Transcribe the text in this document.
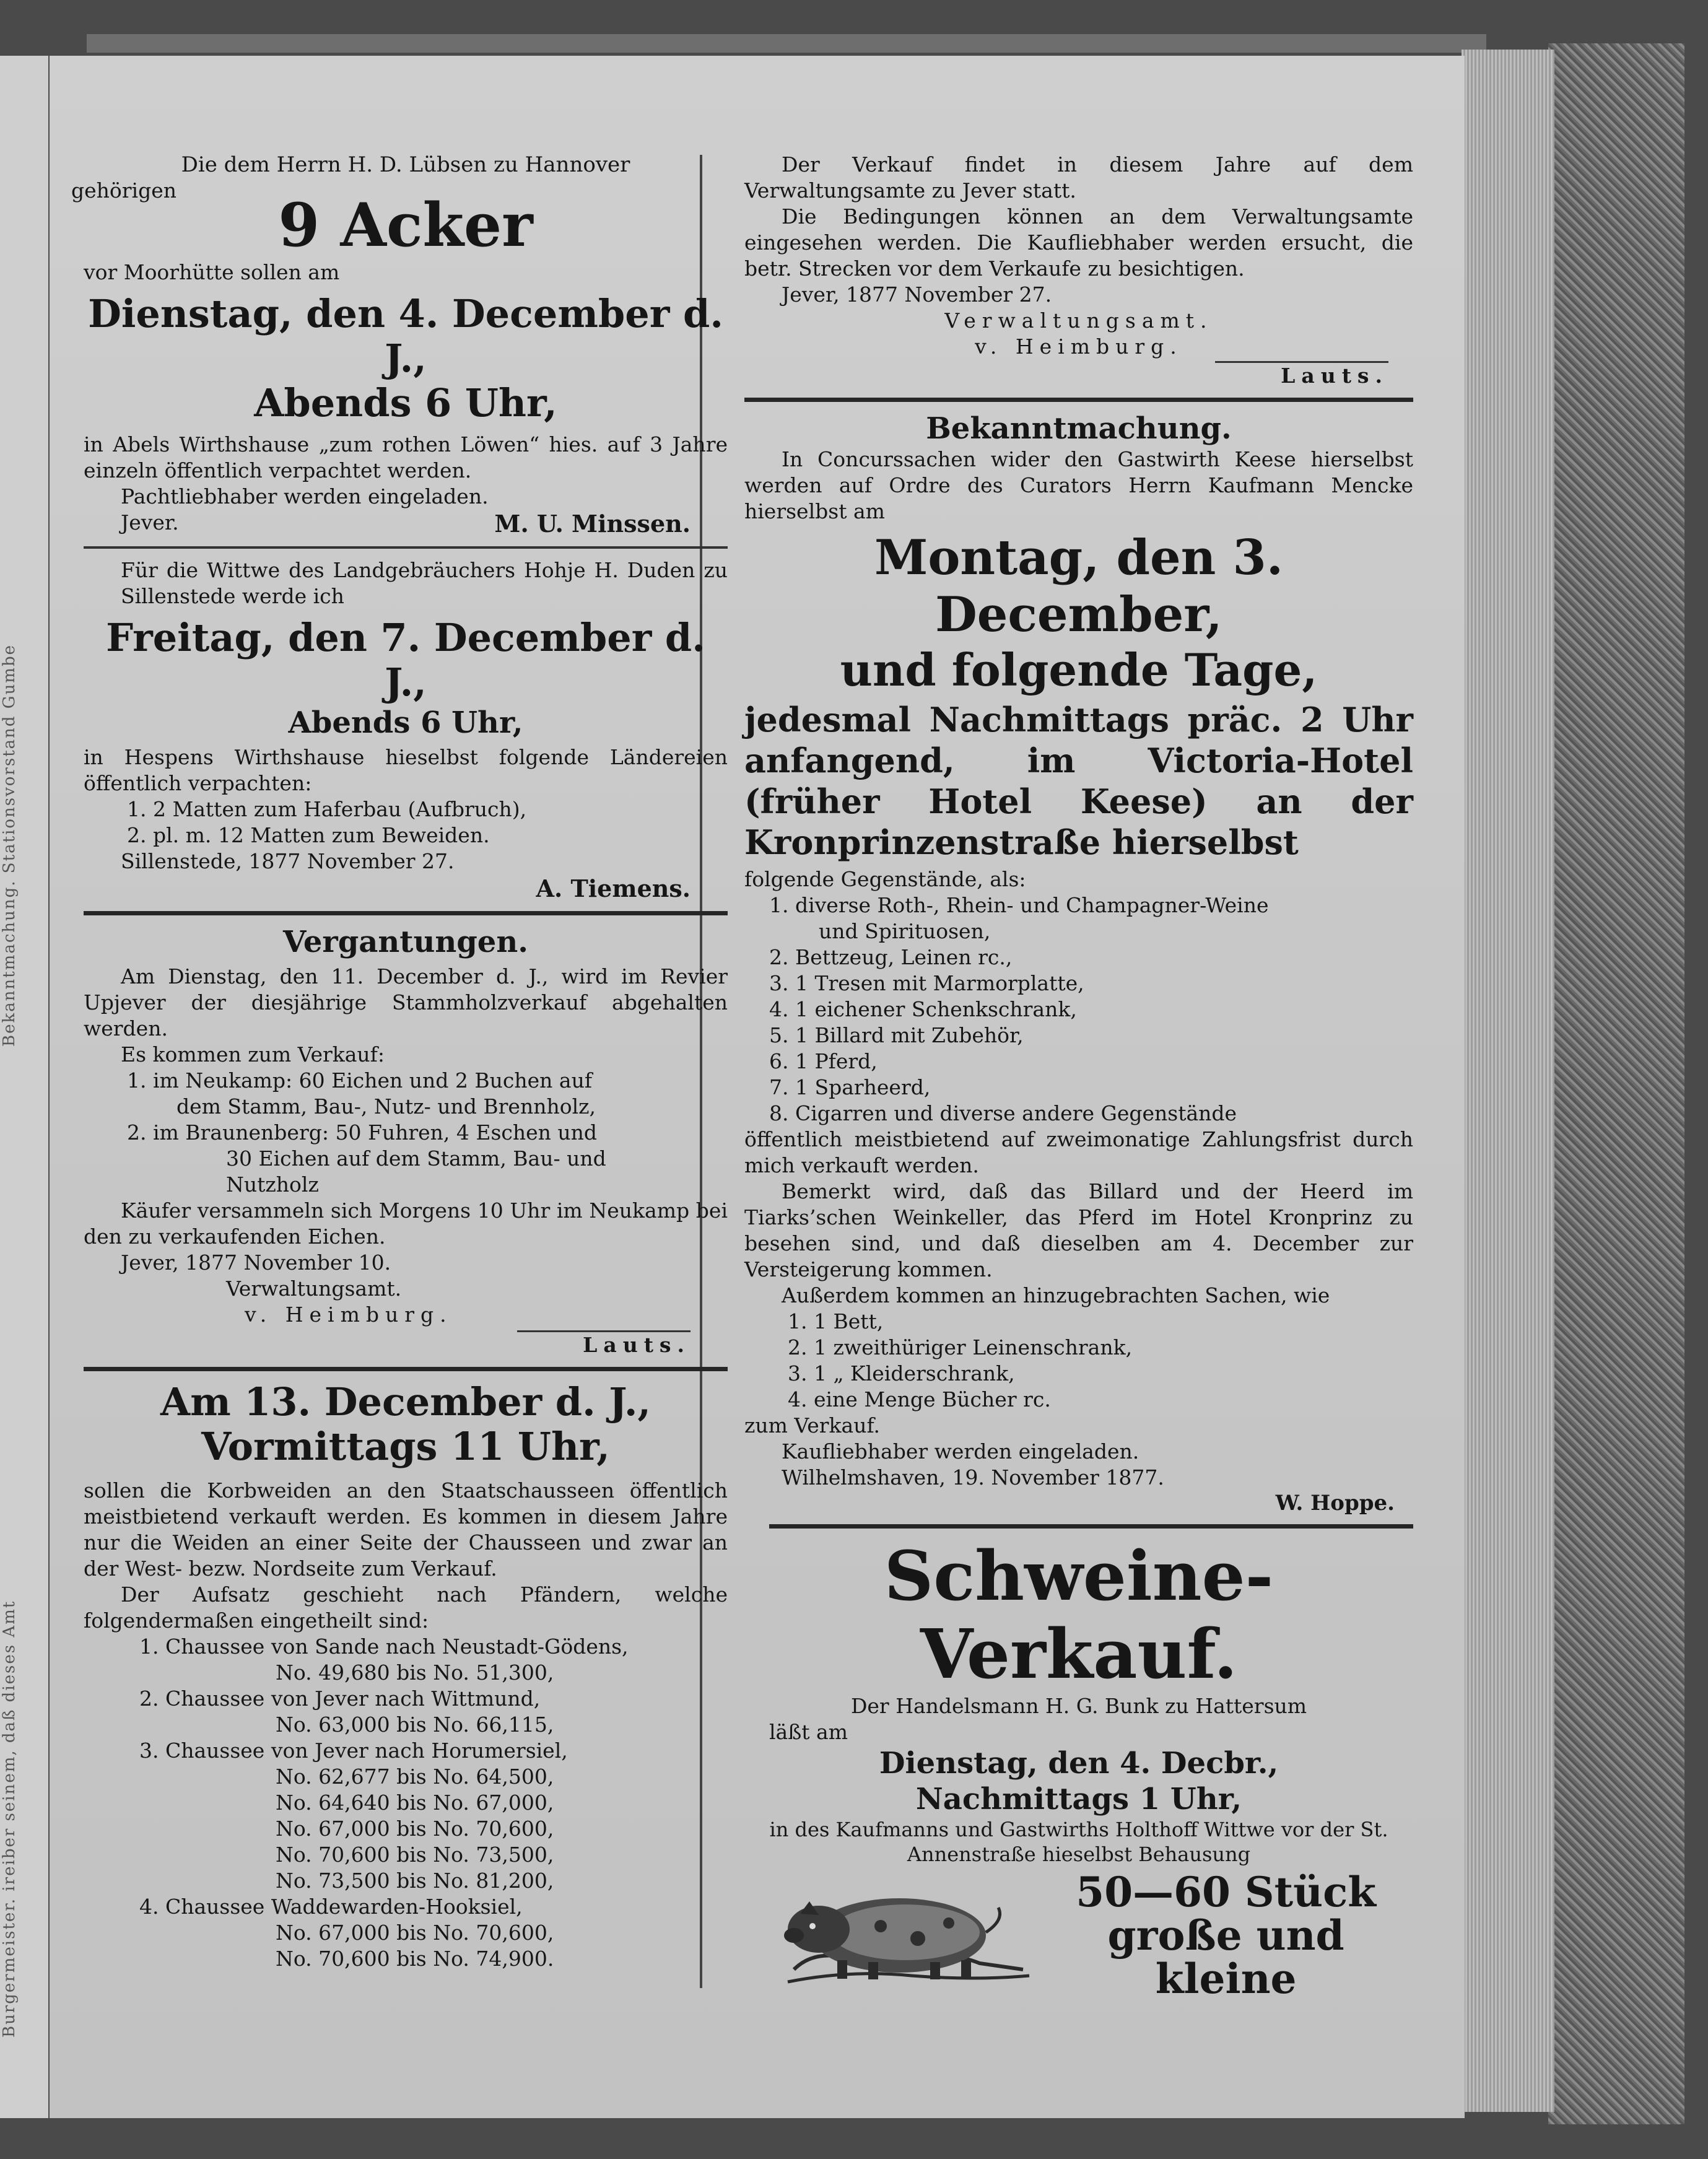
Bekanntmachung. Stationsvorstand Gumbe
Burgermeister. ireiber seinem, daß dieses Amt

Die dem Herrn H. D. Lübsen zu Hannover

gehörigen	9 Acker

vor Moorhütte sollen am

Dienstag, den 4. December d. J.,

Abends 6 Uhr,

in Abels Wirthshause „zum rothen Löwen“ hies. auf 3 Jahre einzeln öffentlich verpachtet werden.

Pachtliebhaber werden eingeladen.

Jever.	M. U. Minssen.

Für die Wittwe des Landgebräuchers Hohje H. Duden zu Sillenstede werde ich

Freitag, den 7. December d. J.,

Abends 6 Uhr,

in Hespens Wirthshause hieselbst folgende Ländereien öffentlich verpachten:

1. 2 Matten zum Haferbau (Aufbruch),

2. pl. m. 12 Matten zum Beweiden.

Sillenstede, 1877 November 27.

A. Tiemens.

Vergantungen.

Am Dienstag, den 11. December d. J., wird im Revier Upjever der diesjährige Stammholzverkauf abgehalten werden.

Es kommen zum Verkauf:

1. im Neukamp: 60 Eichen und 2 Buchen auf

dem Stamm, Bau-, Nutz- und Brennholz,

2. im Braunenberg: 50 Fuhren, 4 Eschen und

30 Eichen auf dem Stamm, Bau- und

Nutzholz

Käufer versammeln sich Morgens 10 Uhr im Neukamp bei den zu verkaufenden Eichen.

Jever, 1877 November 10.

Verwaltungsamt.

v. Heimburg.

Lauts.

Am 13. December d. J.,

Vormittags 11 Uhr,

sollen die Korbweiden an den Staatschausseen öffentlich meistbietend verkauft werden. Es kommen in diesem Jahre nur die Weiden an einer Seite der Chausseen und zwar an der West- bezw. Nordseite zum Verkauf.

Der Aufsatz geschieht nach Pfändern, welche folgendermaßen eingetheilt sind:

1. Chaussee von Sande nach Neustadt-Gödens,

No. 49,680 bis No. 51,300,

2. Chaussee von Jever nach Wittmund,

No. 63,000 bis No. 66,115,

3. Chaussee von Jever nach Horumersiel,

No. 62,677 bis No. 64,500,

No. 64,640 bis No. 67,000,

No. 67,000 bis No. 70,600,

No. 70,600 bis No. 73,500,

No. 73,500 bis No. 81,200,

4. Chaussee Waddewarden-Hooksiel,

No. 67,000 bis No. 70,600,

No. 70,600 bis No. 74,900.

Der Verkauf findet in diesem Jahre auf dem Verwaltungsamte zu Jever statt.

Die Bedingungen können an dem Verwaltungsamte eingesehen werden. Die Kaufliebhaber werden ersucht, die betr. Strecken vor dem Verkaufe zu besichtigen.

Jever, 1877 November 27.

Verwaltungsamt.

v. Heimburg.

Lauts.

Bekanntmachung.

In Concurssachen wider den Gastwirth Keese hierselbst werden auf Ordre des Curators Herrn Kaufmann Mencke hierselbst am

Montag, den 3. December,

und folgende Tage,

jedesmal Nachmittags präc. 2 Uhr anfangend, im Victoria-Hotel (früher Hotel Keese) an der Kronprinzenstraße hierselbst

folgende Gegenstände, als:

1. diverse Roth-, Rhein- und Champagner-Weine

und Spirituosen,

2. Bettzeug, Leinen rc.,

3. 1 Tresen mit Marmorplatte,

4. 1 eichener Schenkschrank,

5. 1 Billard mit Zubehör,

6. 1 Pferd,

7. 1 Sparheerd,

8. Cigarren und diverse andere Gegenstände

öffentlich meistbietend auf zweimonatige Zahlungsfrist durch mich verkauft werden.

Bemerkt wird, daß das Billard und der Heerd im Tiarks’schen Weinkeller, das Pferd im Hotel Kronprinz zu besehen sind, und daß dieselben am 4. December zur Versteigerung kommen.

Außerdem kommen an hinzugebrachten Sachen, wie

1. 1 Bett,

2. 1 zweithüriger Leinenschrank,

3. 1 „ Kleiderschrank,

4. eine Menge Bücher rc.

zum Verkauf.

Kaufliebhaber werden eingeladen.

Wilhelmshaven, 19. November 1877.

W. Hoppe.

Schweine-Verkauf.

Der Handelsmann H. G. Bunk zu Hattersum

läßt am

Dienstag, den 4. Decbr.,

Nachmittags 1 Uhr,

in des Kaufmanns und Gastwirths Holthoff Wittwe vor der St. Annenstraße hieselbst Behausung

50—60 Stück

große und

kleine
